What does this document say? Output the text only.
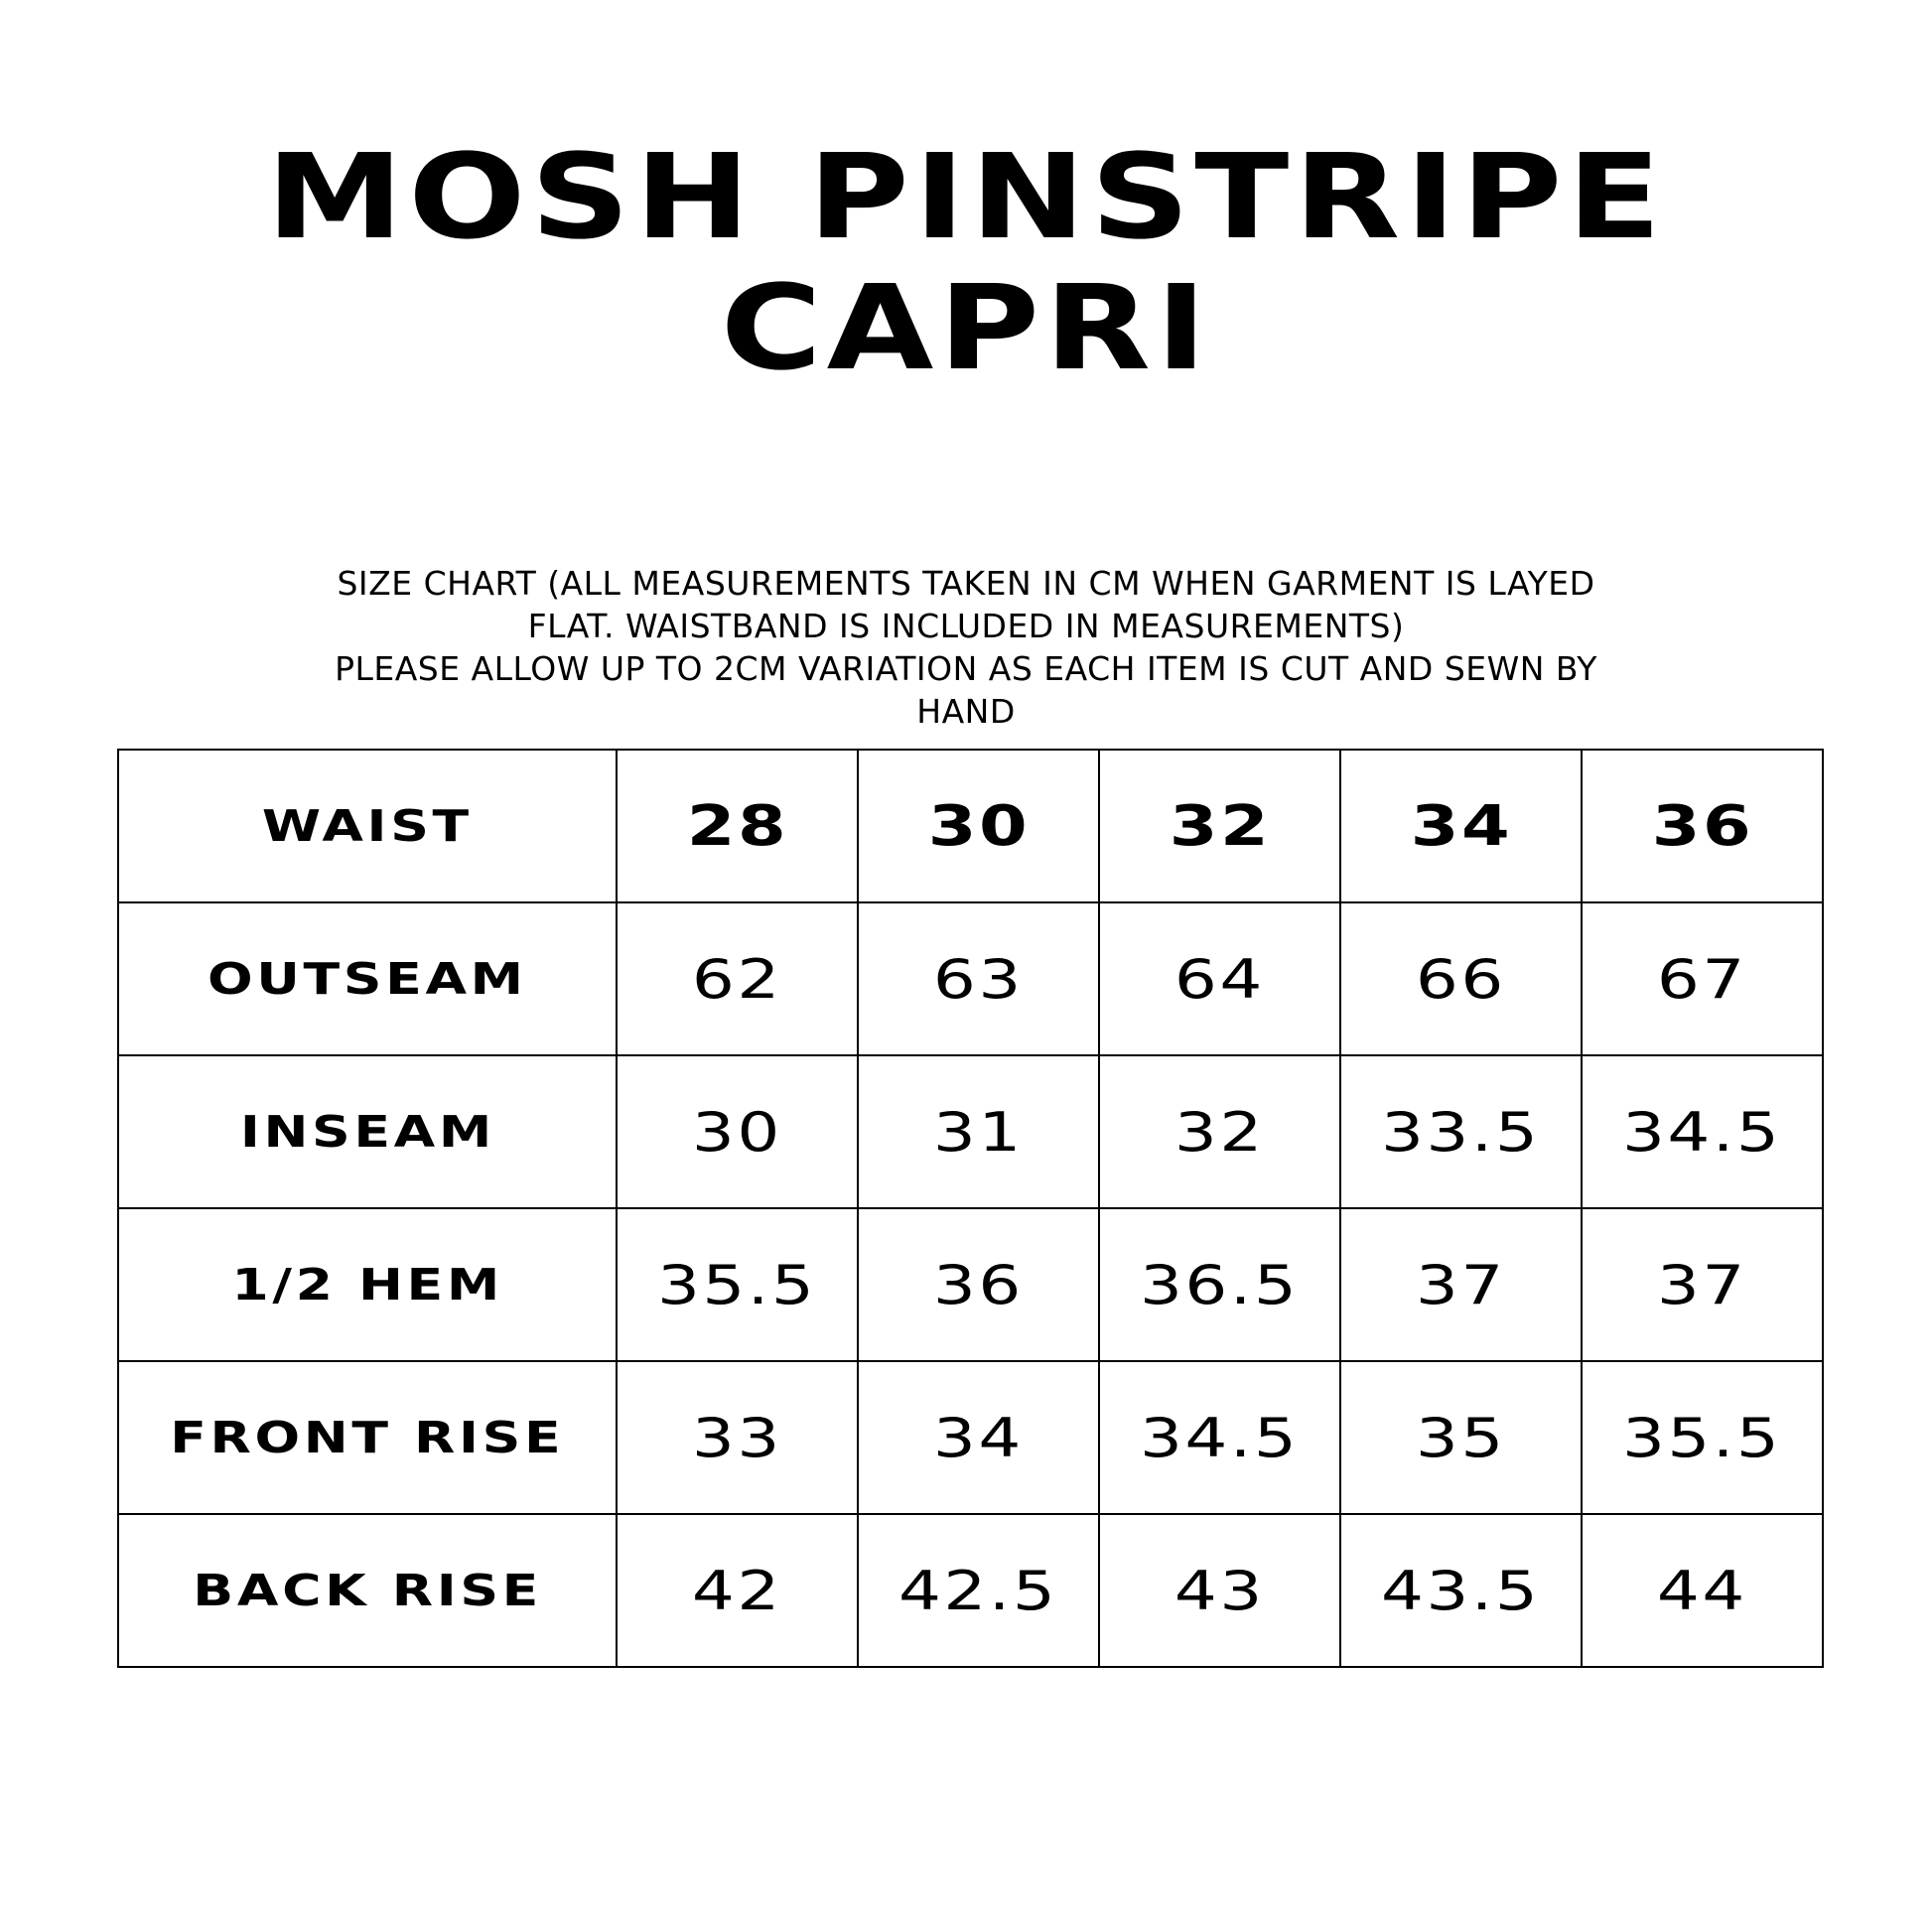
MOSH PINSTRIPE
CAPRI
SIZE CHART (ALL MEASUREMENTS TAKEN IN CM WHEN GARMENT IS LAYED
FLAT. WAISTBAND IS INCLUDED IN MEASUREMENTS)
PLEASE ALLOW UP TO 2CM VARIATION AS EACH ITEM IS CUT AND SEWN BY
HAND
WAIST	28	30	32	34	36
OUTSEAM	62	63	64	66	67
INSEAM	30	31	32	33.5	34.5
1/2 HEM	35.5	36	36.5	37	37
FRONT RISE	33	34	34.5	35	35.5
BACK RISE	42	42.5	43	43.5	44
